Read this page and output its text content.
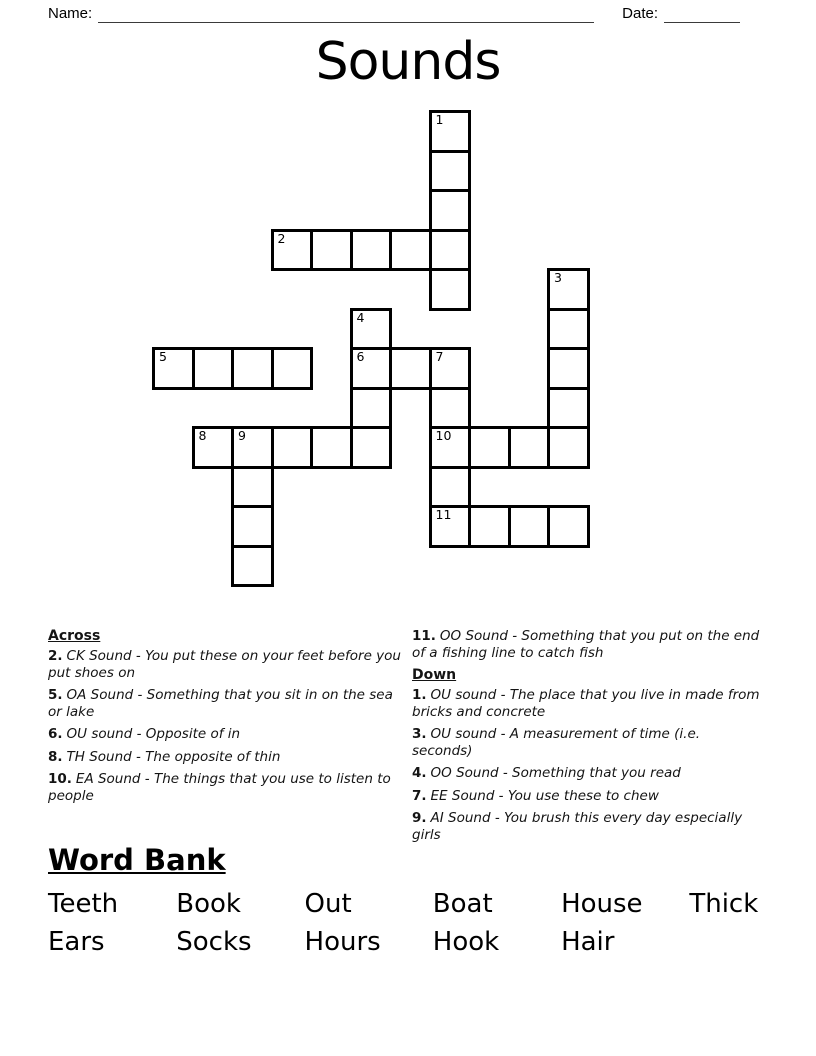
Name:	Date:
Sounds
1
2
3
4
6
5	7
10
11
8	9

Across

2. CK Sound - You put these on your feet before you put shoes on

5. OA Sound - Something that you sit in on the sea or lake

6. OU sound - Opposite of in

8. TH Sound - The opposite of thin

10. EA Sound - The things that you use to listen to people

11. OO Sound - Something that you put on the end of a fishing line to catch fish

Down

1. OU sound - The place that you live in made from bricks and concrete

3. OU sound - A measurement of time (i.e. seconds)

4. OO Sound - Something that you read

7. EE Sound - You use these to chew

9. AI Sound - You brush this every day especially girls

Word Bank

Teeth Book Out	Boat	House Thick
Ears	Socks Hours Hook Hair
